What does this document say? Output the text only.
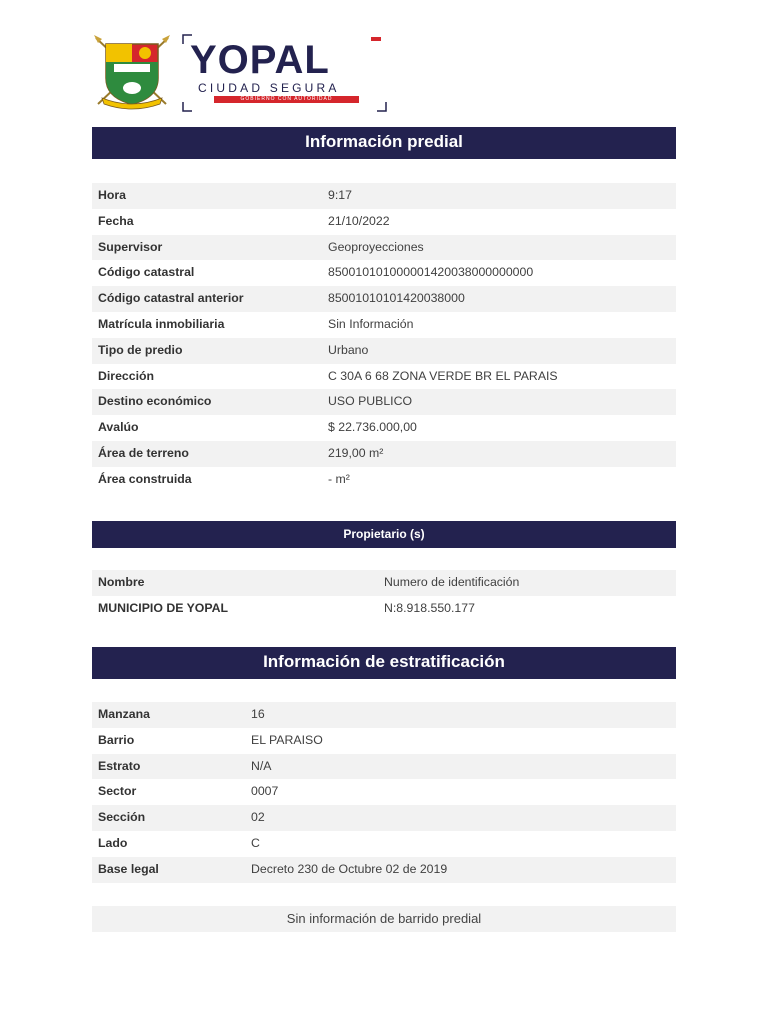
YOPAL
CIUDAD SEGURA
GOBIERNO CON AUTORIDAD
Información predial
Hora	9:17
Fecha	21/10/2022
Supervisor	Geoproyecciones
Código catastral	850010101000001420038000000000
Código catastral anterior	85001010101420038000
Matrícula inmobiliaria	Sin Información
Tipo de predio	Urbano
Dirección	C 30A 6 68 ZONA VERDE BR EL PARAIS
Destino económico	USO PUBLICO
Avalúo	$ 22.736.000,00
Área de terreno	219,00 m²
Área construida	- m²
Propietario (s)
Nombre	Numero de identificación
MUNICIPIO DE YOPAL	N:8.918.550.177
Información de estratificación
Manzana	16
Barrio	EL PARAISO
Estrato	N/A
Sector	0007
Sección	02
Lado	C
Base legal	Decreto 230 de Octubre 02 de 2019
Sin información de barrido predial
